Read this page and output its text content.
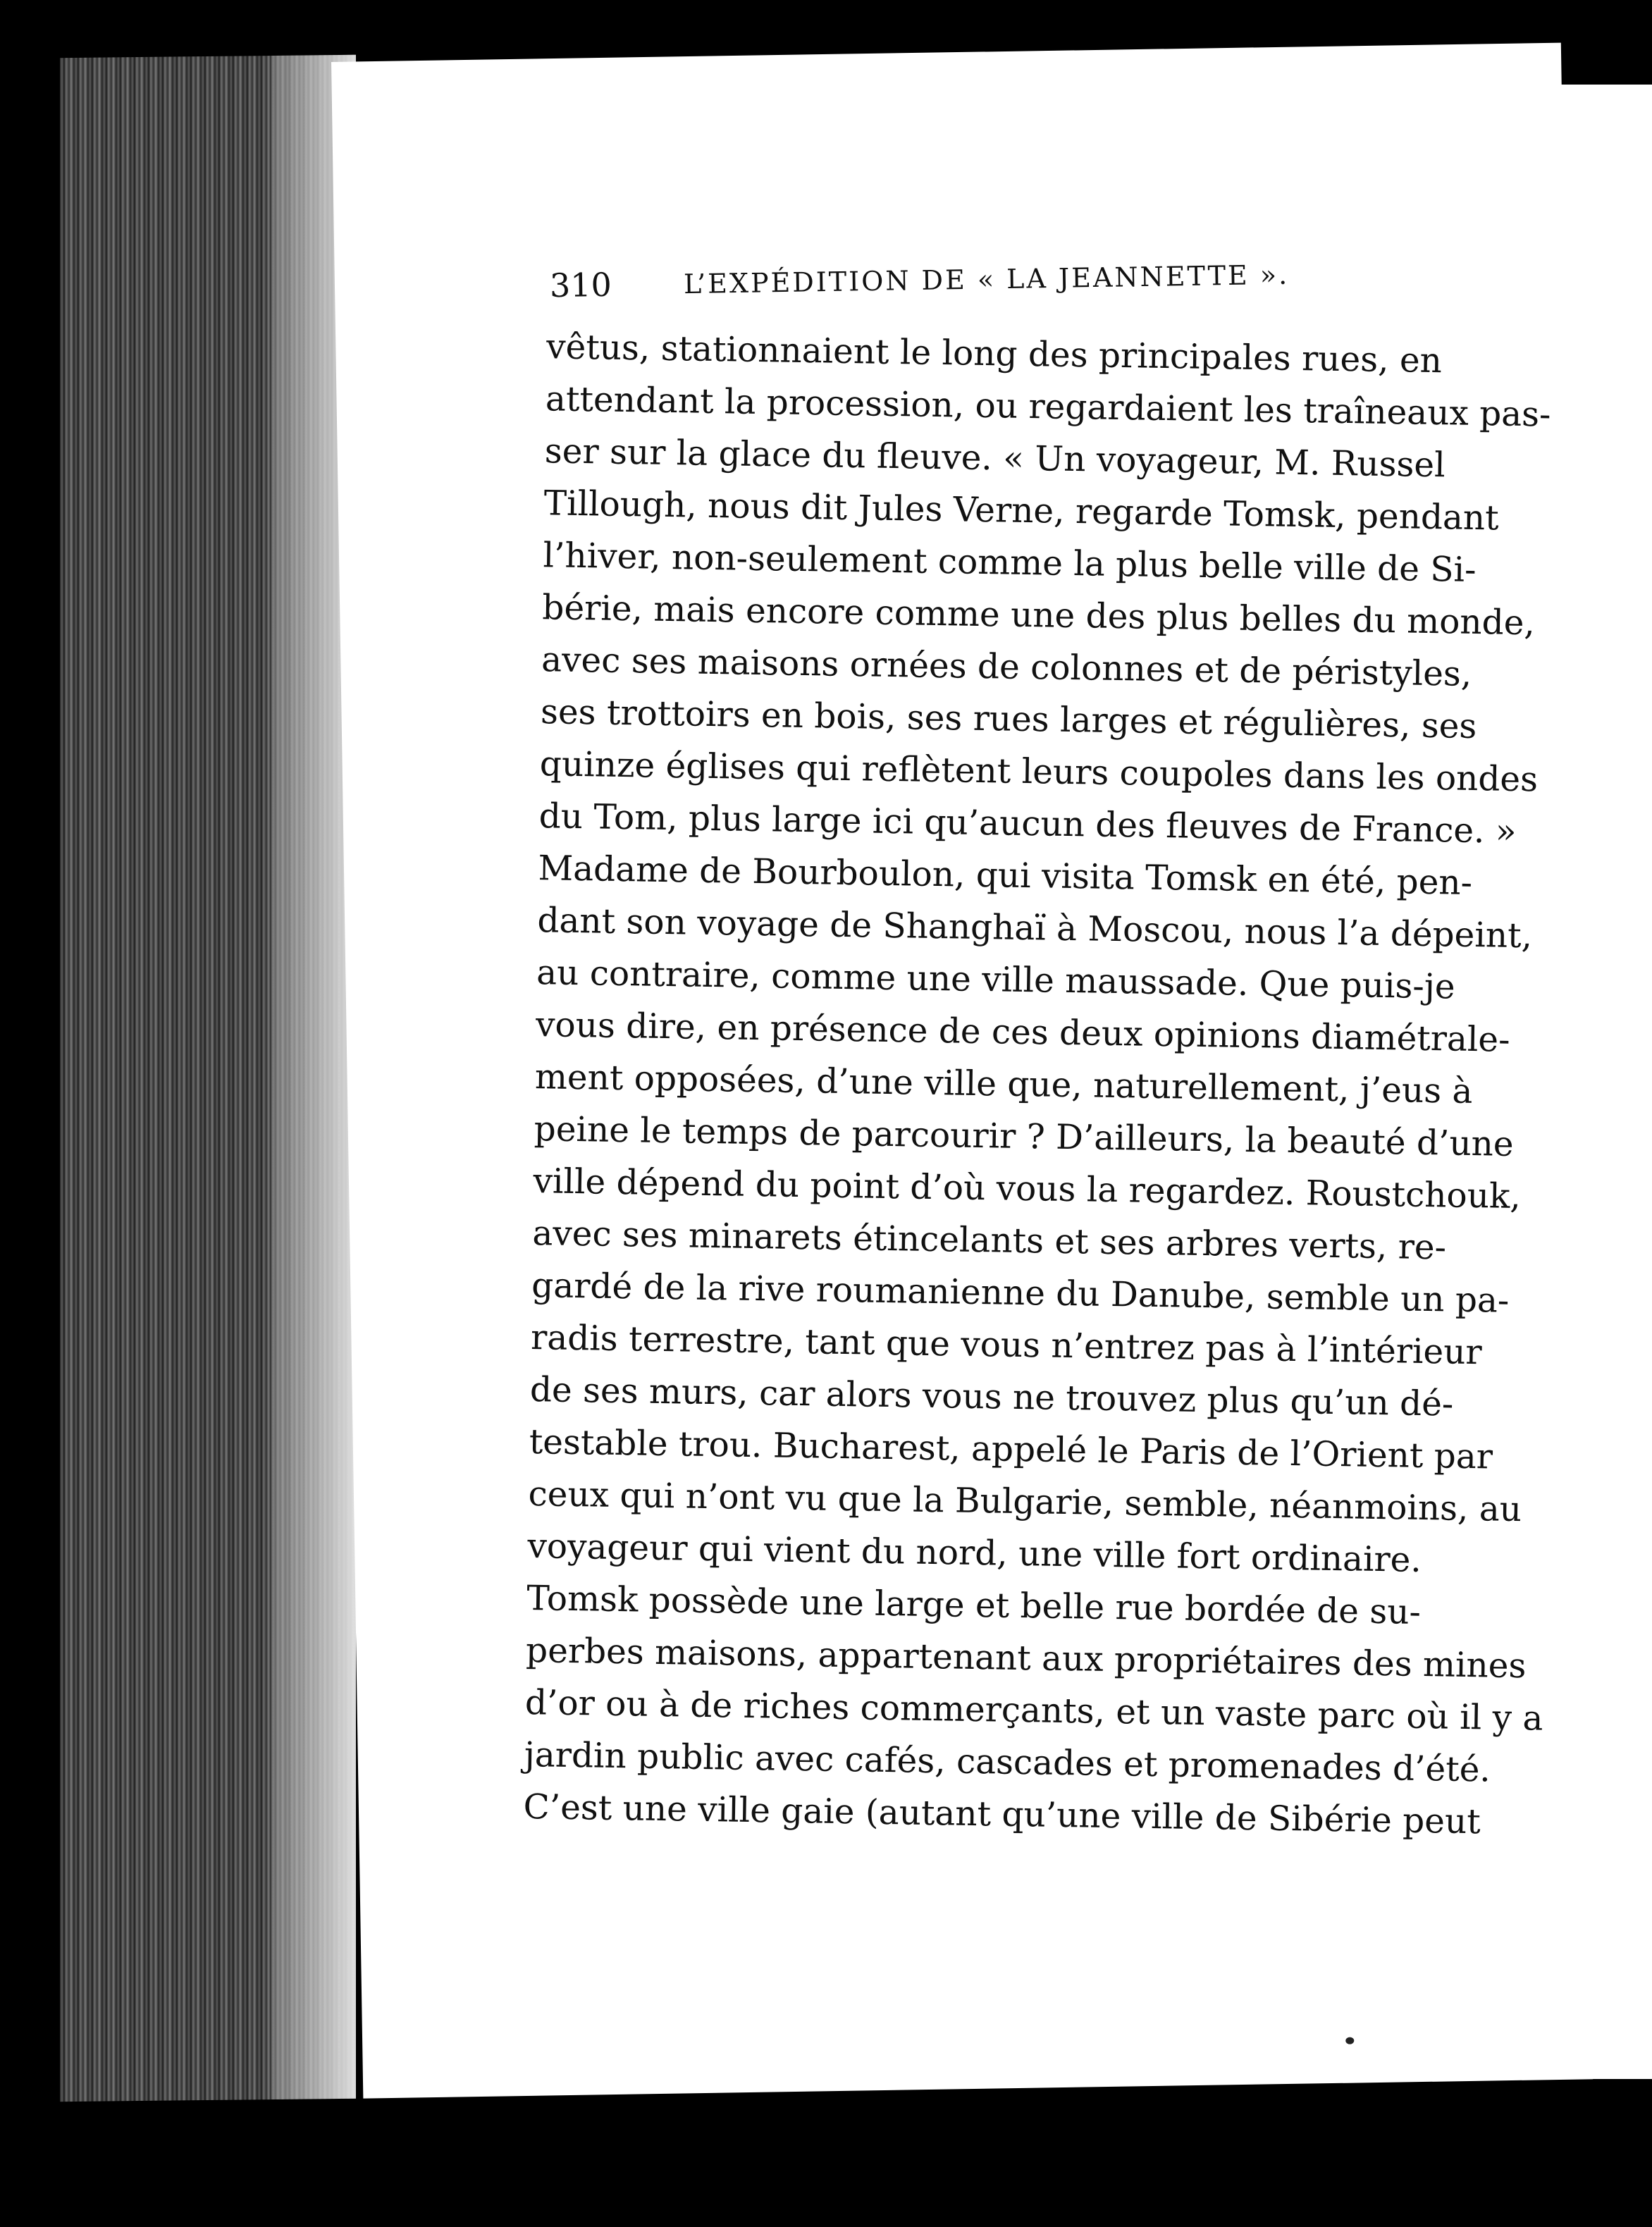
310	L’EXPÉDITION DE « LA JEANNETTE ».
vêtus, stationnaient le long des principales rues, en
attendant la procession, ou regardaient les traîneaux pas-
ser sur la glace du fleuve. « Un voyageur, M. Russel
Tillough, nous dit Jules Verne, regarde Tomsk, pendant
l’hiver, non-seulement comme la plus belle ville de Si-
bérie, mais encore comme une des plus belles du monde,
avec ses maisons ornées de colonnes et de péristyles,
ses trottoirs en bois, ses rues larges et régulières, ses
quinze églises qui reflètent leurs coupoles dans les ondes
du Tom, plus large ici qu’aucun des fleuves de France. »
Madame de Bourboulon, qui visita Tomsk en été, pen-
dant son voyage de Shanghaï à Moscou, nous l’a dépeint,
au contraire, comme une ville maussade. Que puis-je
vous dire, en présence de ces deux opinions diamétrale-
ment opposées, d’une ville que, naturellement, j’eus à
peine le temps de parcourir ? D’ailleurs, la beauté d’une
ville dépend du point d’où vous la regardez. Roustchouk,
avec ses minarets étincelants et ses arbres verts, re-
gardé de la rive roumanienne du Danube, semble un pa-
radis terrestre, tant que vous n’entrez pas à l’intérieur
de ses murs, car alors vous ne trouvez plus qu’un dé-
testable trou. Bucharest, appelé le Paris de l’Orient par
ceux qui n’ont vu que la Bulgarie, semble, néanmoins, au
voyageur qui vient du nord, une ville fort ordinaire.
Tomsk possède une large et belle rue bordée de su-
perbes maisons, appartenant aux propriétaires des mines
d’or ou à de riches commerçants, et un vaste parc où il y a
jardin public avec cafés, cascades et promenades d’été.
C’est une ville gaie (autant qu’une ville de Sibérie peut
